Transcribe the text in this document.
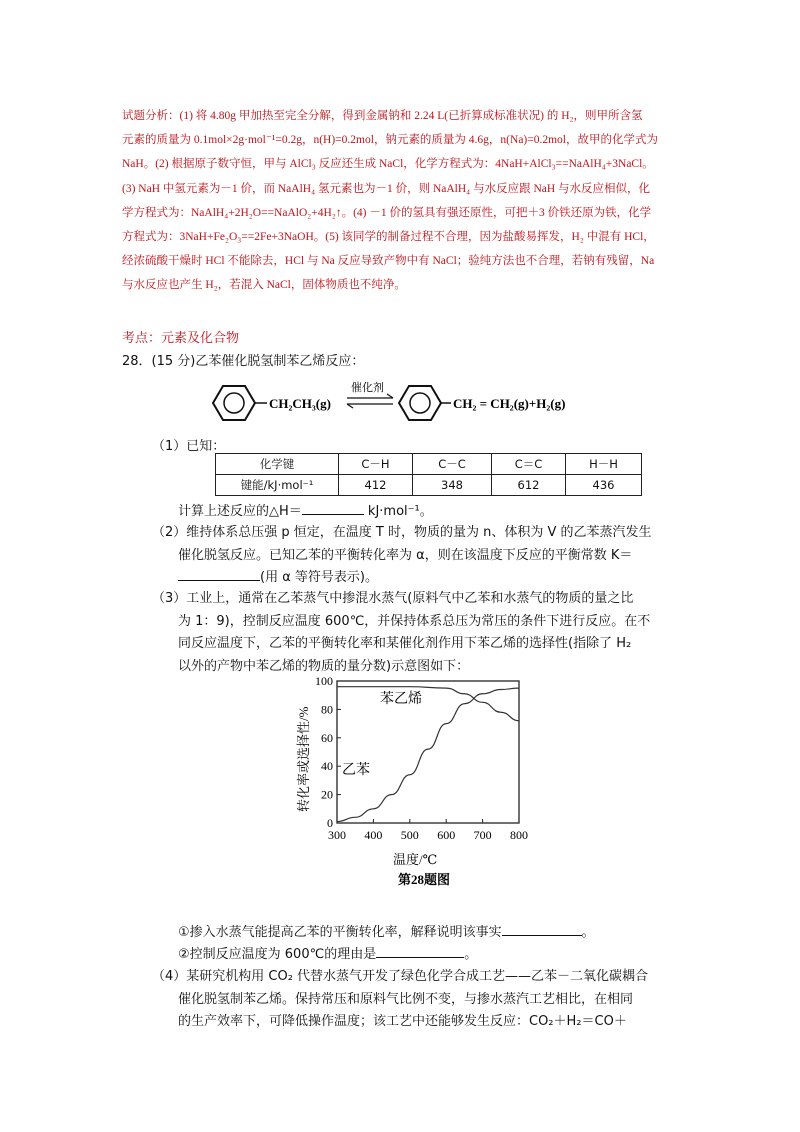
试题分析：(1) 将 4.80g 甲加热至完全分解，得到金属钠和 2.24 L(已折算成标准状况) 的 H₂，则甲所含氢

元素的质量为 0.1mol×2g·mol⁻¹=0.2g，n(H)=0.2mol，钠元素的质量为 4.6g，n(Na)=0.2mol，故甲的化学式为

NaH。(2) 根据原子数守恒，甲与 AlCl₃ 反应还生成 NaCl，化学方程式为：4NaH+AlCl₃==NaAlH₄+3NaCl。

(3) NaH 中氢元素为－1 价，而 NaAlH₄ 氢元素也为－1 价，则 NaAlH₄ 与水反应跟 NaH 与水反应相似，化

学方程式为：NaAlH₄+2H₂O==NaAlO₂+4H₂↑。(4) －1 价的氢具有强还原性，可把＋3 价铁还原为铁，化学

方程式为：3NaH+Fe₂O₃==2Fe+3NaOH。(5) 该同学的制备过程不合理，因为盐酸易挥发，H₂ 中混有 HCl，

经浓硫酸干燥时 HCl 不能除去，HCl 与 Na 反应导致产物中有 NaCl；验纯方法也不合理，若钠有残留，Na

与水反应也产生 H₂，若混入 NaCl，固体物质也不纯净。

考点：元素及化合物
28．(15 分)乙苯催化脱氢制苯乙烯反应：
CH₂CH₃(g)
催化剂
CH₂ = CH₂(g)+H₂(g)
（1）已知：
化学键	C－H	C－C	C＝C	H－H
键能/kJ·mol⁻¹	412	348	612	436
计算上述反应的△H＝	kJ·mol⁻¹。
（2）维持体系总压强 p 恒定，在温度 T 时，物质的量为 n、体积为 V 的乙苯蒸汽发生
催化脱氢反应。已知乙苯的平衡转化率为 α，则在该温度下反应的平衡常数 K＝
(用 α 等符号表示)。
（3）工业上，通常在乙苯蒸气中掺混水蒸气(原料气中乙苯和水蒸气的物质的量之比
为 1：9)，控制反应温度 600℃，并保持体系总压为常压的条件下进行反应。在不
同反应温度下，乙苯的平衡转化率和某催化剂作用下苯乙烯的选择性(指除了 H₂
以外的产物中苯乙烯的物质的量分数)示意图如下：
0
20
40
60
80
100
300 400 500 600 700 800
苯乙烯
乙苯
转化率或选择性/%
温度/℃
第28题图
①掺入水蒸气能提高乙苯的平衡转化率，解释说明该事实	。
②控制反应温度为 600℃的理由是	。
（4）某研究机构用 CO₂ 代替水蒸气开发了绿色化学合成工艺——乙苯－二氧化碳耦合
催化脱氢制苯乙烯。保持常压和原料气比例不变，与掺水蒸汽工艺相比，在相同
的生产效率下，可降低操作温度；该工艺中还能够发生反应：CO₂＋H₂＝CO＋
